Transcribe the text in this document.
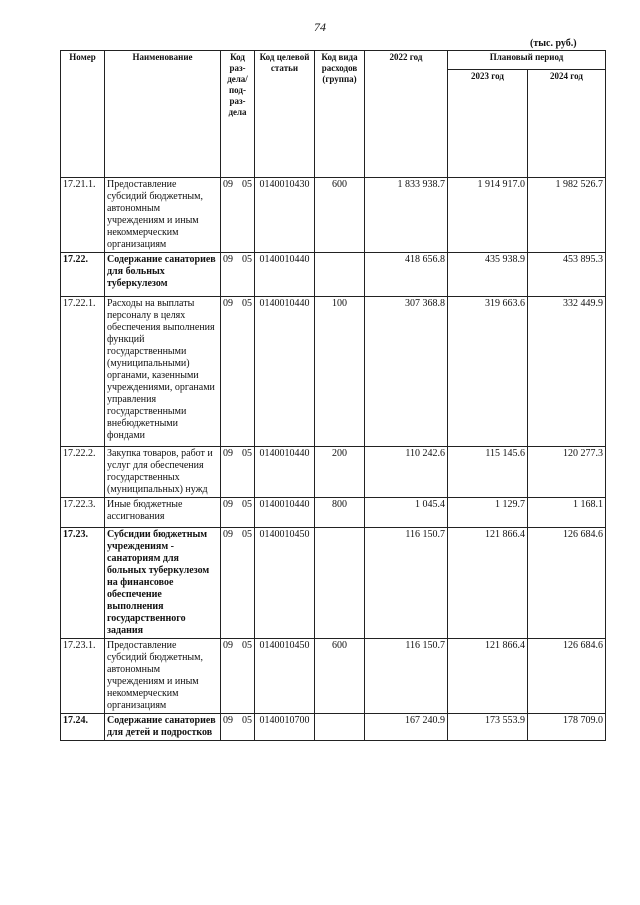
74
(тыс. руб.)
Номер	Наименование	Код раз-дела/ под-раз-дела	Код целевой статьи	Код вида расходов (группа)	2022 год	Плановый период	
						2023 год	2024 год
17.21.1.	Предоставление субсидий бюджетным, автономным учреждениям и иным некоммерческим организациям	09 05	0140010430	600	1 833 938.7	1 914 917.0	1 982 526.7
17.22.	Содержание санаториев для больных туберкулезом	09 05	0140010440		418 656.8	435 938.9	453 895.3
17.22.1.	Расходы на выплаты персоналу в целях обеспечения выполнения функций государственными (муниципальными) органами, казенными учреждениями, органами управления государственными внебюджетными фондами	09 05	0140010440	100	307 368.8	319 663.6	332 449.9
17.22.2.	Закупка товаров, работ и услуг для обеспечения государственных (муниципальных) нужд	09 05	0140010440	200	110 242.6	115 145.6	120 277.3
17.22.3.	Иные бюджетные ассигнования	09 05	0140010440	800	1 045.4	1 129.7	1 168.1
17.23.	Субсидии бюджетным учреждениям - санаториям для больных туберкулезом на финансовое обеспечение выполнения государственного задания	09 05	0140010450		116 150.7	121 866.4	126 684.6
17.23.1.	Предоставление субсидий бюджетным, автономным учреждениям и иным некоммерческим организациям	09 05	0140010450	600	116 150.7	121 866.4	126 684.6
17.24.	Содержание санаториев для детей и подростков	09 05	0140010700		167 240.9	173 553.9	178 709.0
